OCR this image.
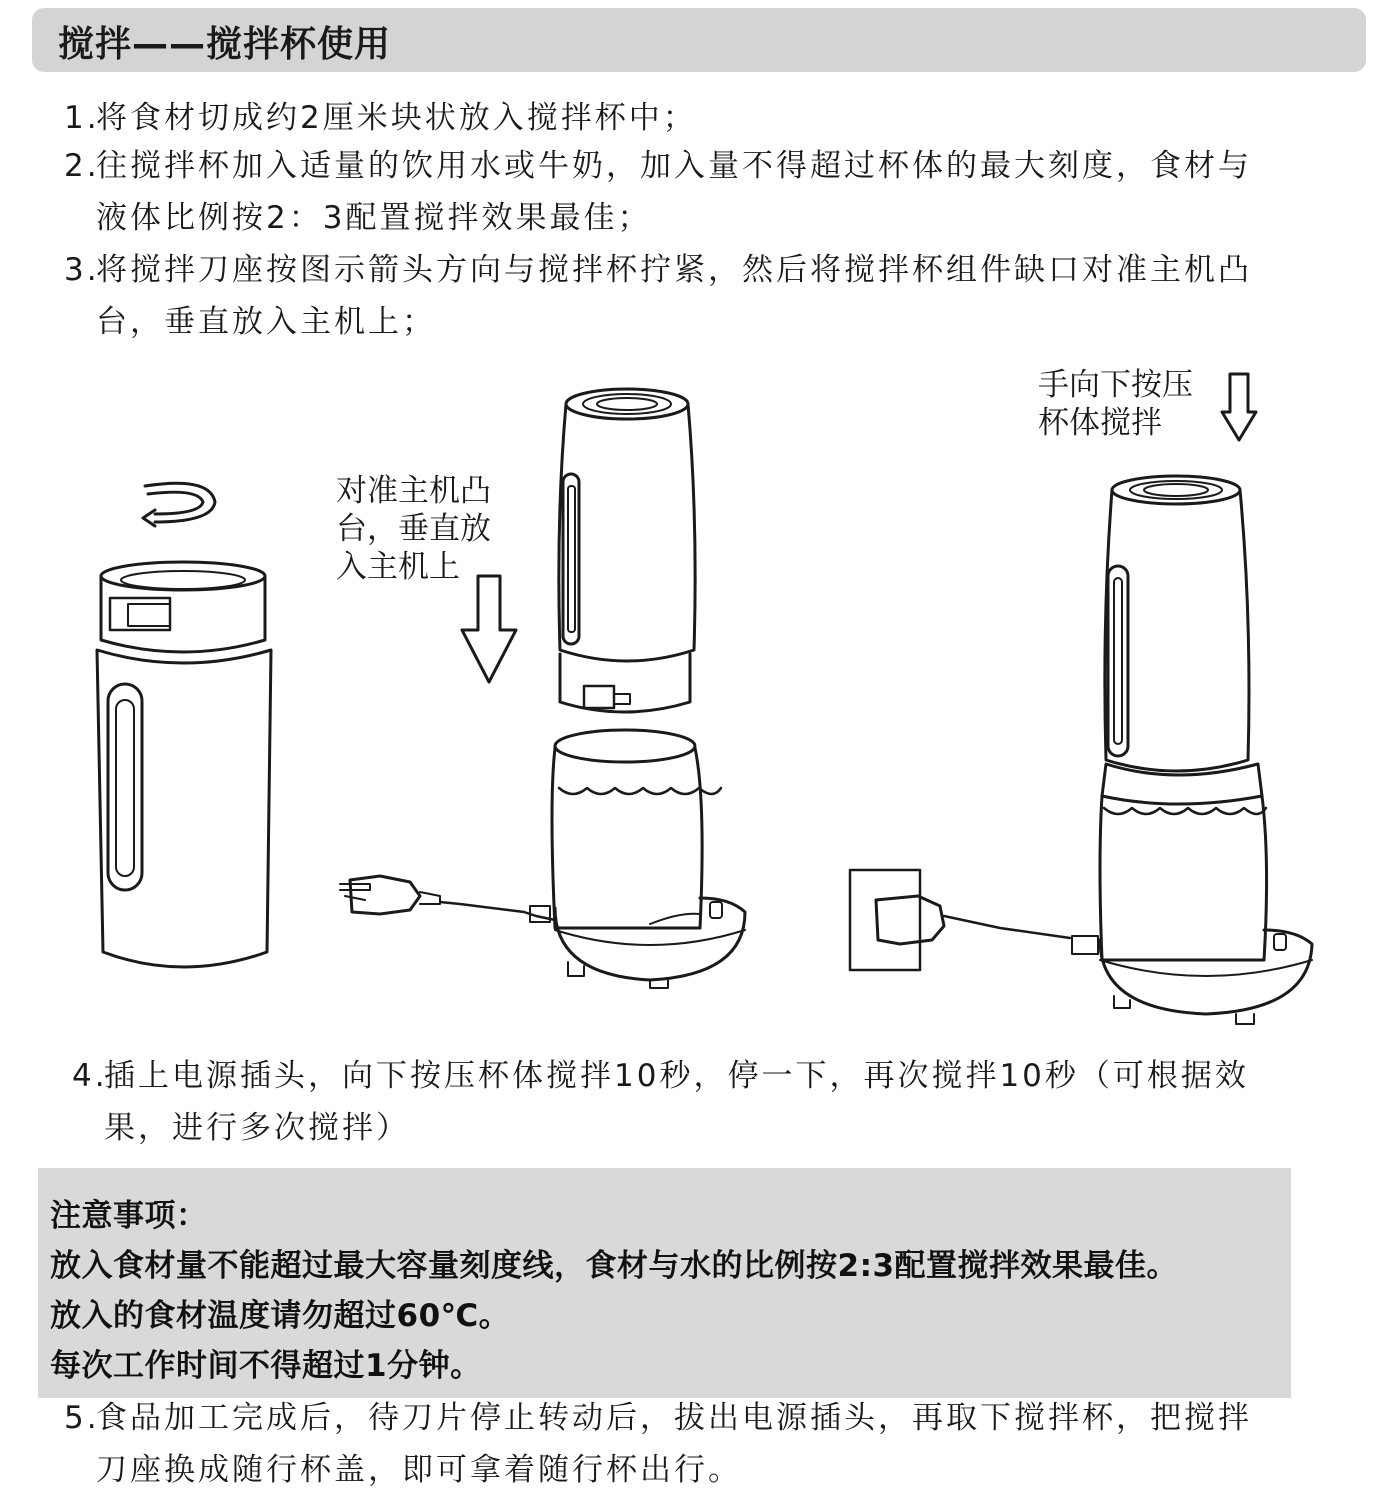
搅拌——搅拌杯使用
1.
将食材切成约2厘米块状放入搅拌杯中；
2.
往搅拌杯加入适量的饮用水或牛奶，加入量不得超过杯体的最大刻度，食材与
液体比例按2：3配置搅拌效果最佳；
3.
将搅拌刀座按图示箭头方向与搅拌杯拧紧，然后将搅拌杯组件缺口对准主机凸
台，垂直放入主机上；
对准主机凸
台，垂直放
入主机上
手向下按压
杯体搅拌
4.
插上电源插头，向下按压杯体搅拌10秒，停一下，再次搅拌10秒（可根据效
果，进行多次搅拌）

注意事项：

放入食材量不能超过最大容量刻度线，食材与水的比例按2:3配置搅拌效果最佳。

放入的食材温度请勿超过60℃。

每次工作时间不得超过1分钟。

5.
食品加工完成后，待刀片停止转动后，拔出电源插头，再取下搅拌杯，把搅拌
刀座换成随行杯盖，即可拿着随行杯出行。
